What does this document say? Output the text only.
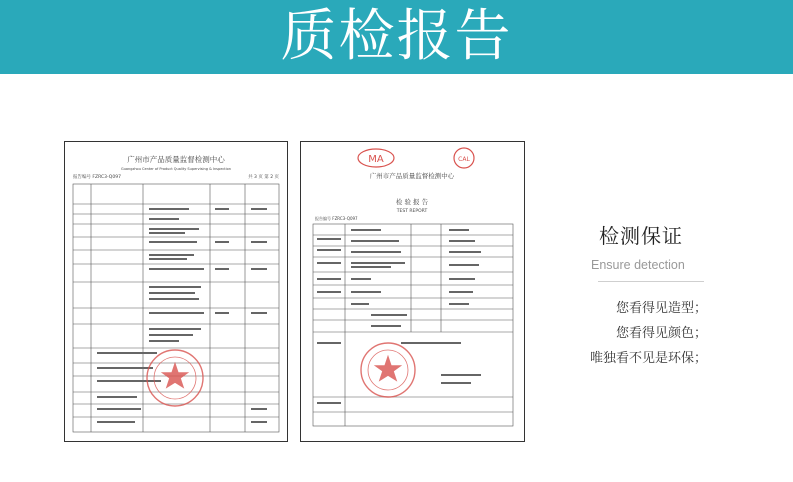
质检报告
广州市产品质量监督检测中心
Guangzhou Center of Product Quality Supervising & Inspection
报告编号 FZRC3-Q097	共 3 页 第 2 页
MA	CAL
广州市产品质量监督检测中心
检 验 报 告
TEST REPORT
报告编号 FZRC3-Q097
检测保证
Ensure detection
您看得见造型；
您看得见颜色；
唯独看不见是环保；
